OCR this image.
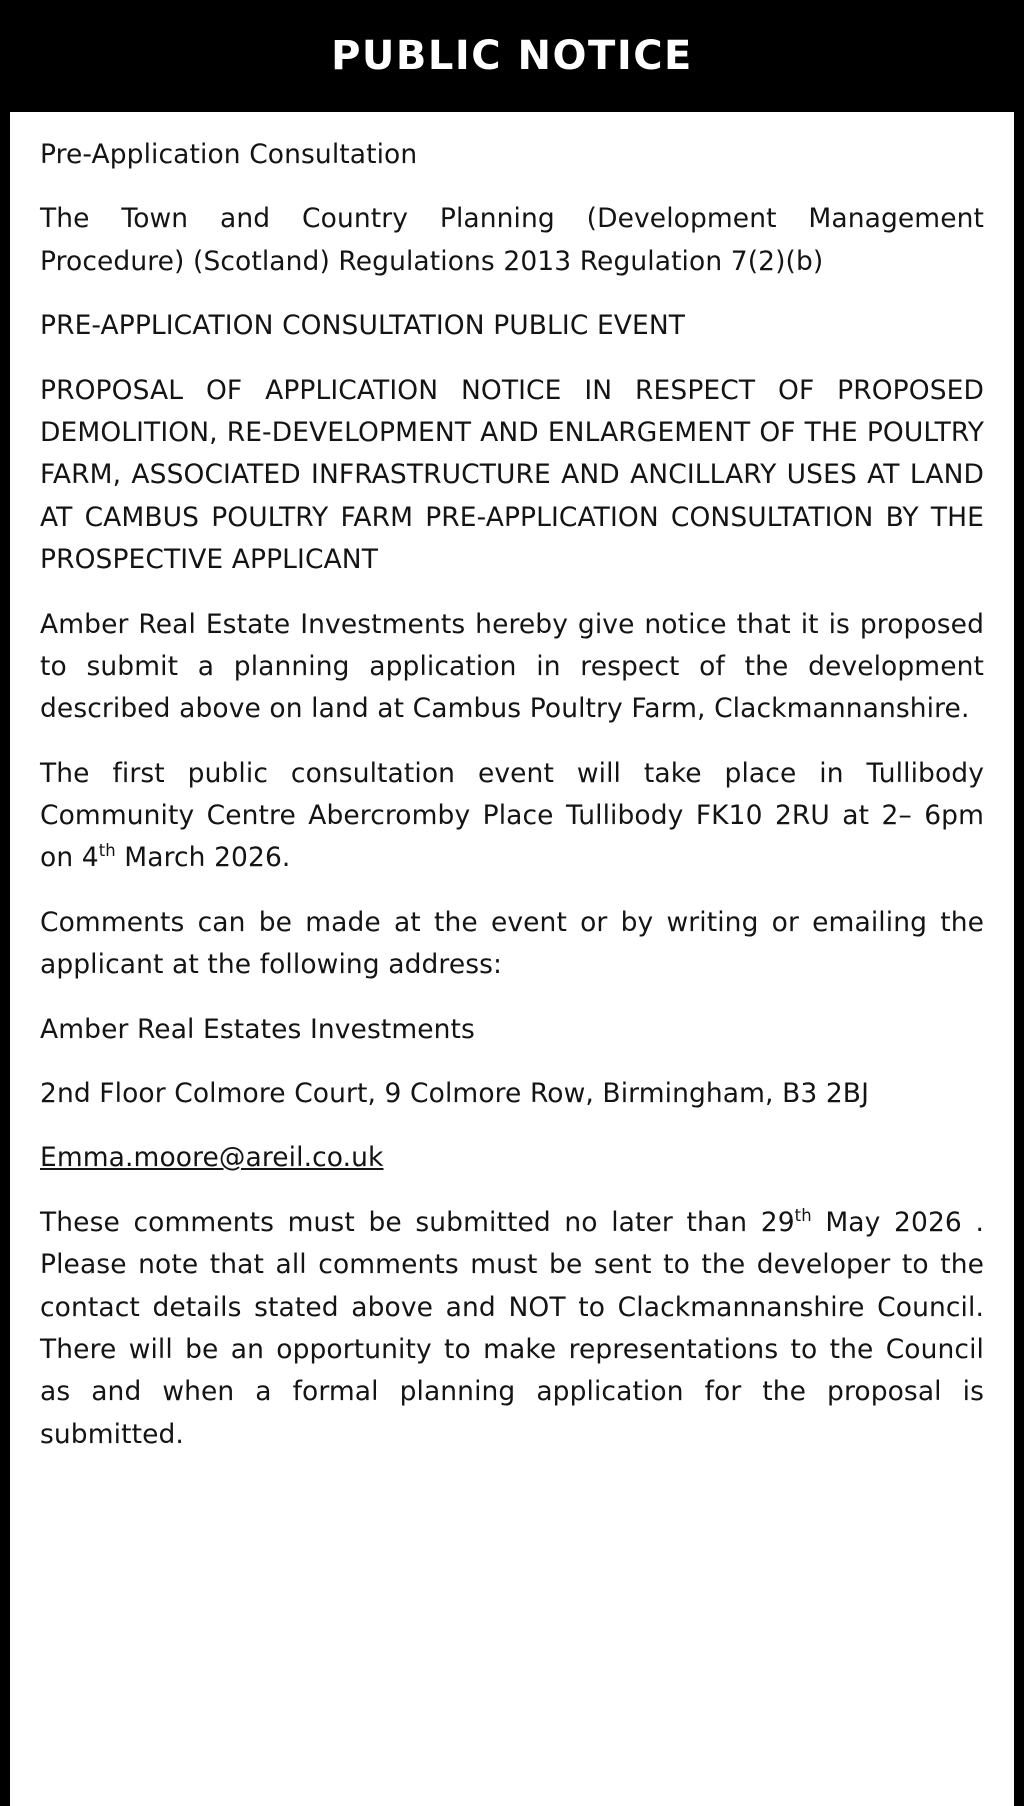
PUBLIC NOTICE

Pre-Application Consultation

The Town and Country Planning (Development Management Procedure) (Scotland) Regulations 2013 Regulation 7(2)(b)

PRE-APPLICATION CONSULTATION PUBLIC EVENT

PROPOSAL OF APPLICATION NOTICE IN RESPECT OF PROPOSED DEMOLITION, RE-DEVELOPMENT AND ENLARGEMENT OF THE POULTRY FARM, ASSOCIATED INFRASTRUCTURE AND ANCILLARY USES AT LAND AT CAMBUS POULTRY FARM PRE-APPLICATION CONSULTATION BY THE PROSPECTIVE APPLICANT

Amber Real Estate Investments hereby give notice that it is proposed to submit a planning application in respect of the development described above on land at Cambus Poultry Farm, Clackmannanshire.

The first public consultation event will take place in Tullibody Community Centre Abercromby Place Tullibody FK10 2RU at 2– 6pm on 4th March 2026.

Comments can be made at the event or by writing or emailing the applicant at the following address:

Amber Real Estates Investments

2nd Floor Colmore Court, 9 Colmore Row, Birmingham, B3 2BJ

Emma.moore@areil.co.uk

These comments must be submitted no later than 29th May 2026 . Please note that all comments must be sent to the developer to the contact details stated above and NOT to Clackmannanshire Council. There will be an opportunity to make representations to the Council as and when a formal planning application for the proposal is submitted.
